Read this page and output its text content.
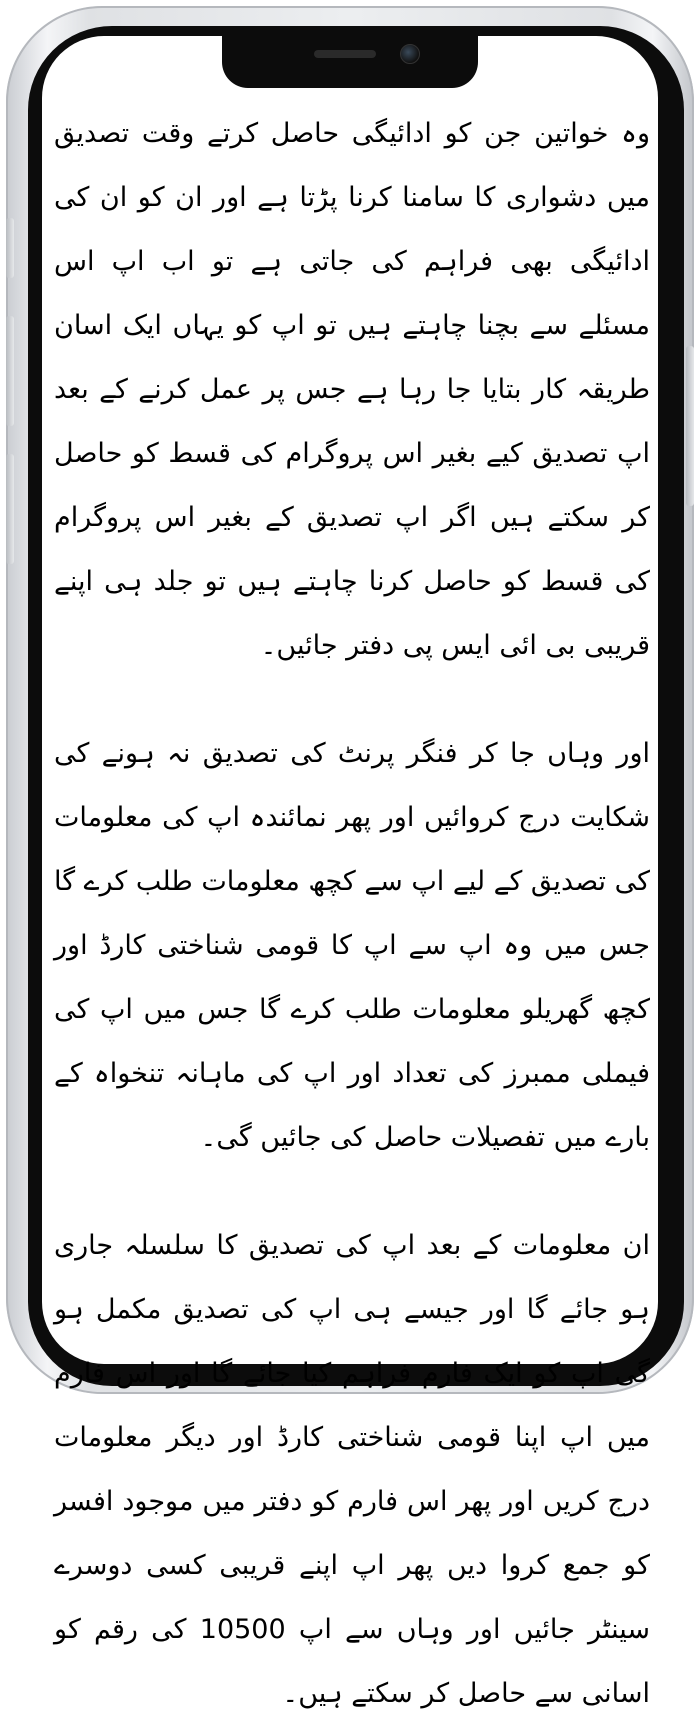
وہ خواتین جن کو ادائیگی حاصل کرتے وقت تصدیق میں دشواری کا سامنا کرنا پڑتا ہے اور ان کو ان کی ادائیگی بھی فراہم کی جاتی ہے تو اب اپ اس مسئلے سے بچنا چاہتے ہیں تو اپ کو یہاں ایک اسان طریقہ کار بتایا جا رہا ہے جس پر عمل کرنے کے بعد اپ تصدیق کیے بغیر اس پروگرام کی قسط کو حاصل کر سکتے ہیں اگر اپ تصدیق کے بغیر اس پروگرام کی قسط کو حاصل کرنا چاہتے ہیں تو جلد ہی اپنے قریبی بی ائی ایس پی دفتر جائیں۔

اور وہاں جا کر فنگر پرنٹ کی تصدیق نہ ہونے کی شکایت درج کروائیں اور پھر نمائندہ اپ کی معلومات کی تصدیق کے لیے اپ سے کچھ معلومات طلب کرے گا جس میں وہ اپ سے اپ کا قومی شناختی کارڈ اور کچھ گھریلو معلومات طلب کرے گا جس میں اپ کی فیملی ممبرز کی تعداد اور اپ کی ماہانہ تنخواہ کے بارے میں تفصیلات حاصل کی جائیں گی۔

ان معلومات کے بعد اپ کی تصدیق کا سلسلہ جاری ہو جائے گا اور جیسے ہی اپ کی تصدیق مکمل ہو گی اپ کو ایک فارم فراہم کیا جائے گا اور اس فارم میں اپ اپنا قومی شناختی کارڈ اور دیگر معلومات درج کریں اور پھر اس فارم کو دفتر میں موجود افسر کو جمع کروا دیں پھر اپ اپنے قریبی کسی دوسرے سینٹر جائیں اور وہاں سے اپ 10500 کی رقم کو اسانی سے حاصل کر سکتے ہیں۔
